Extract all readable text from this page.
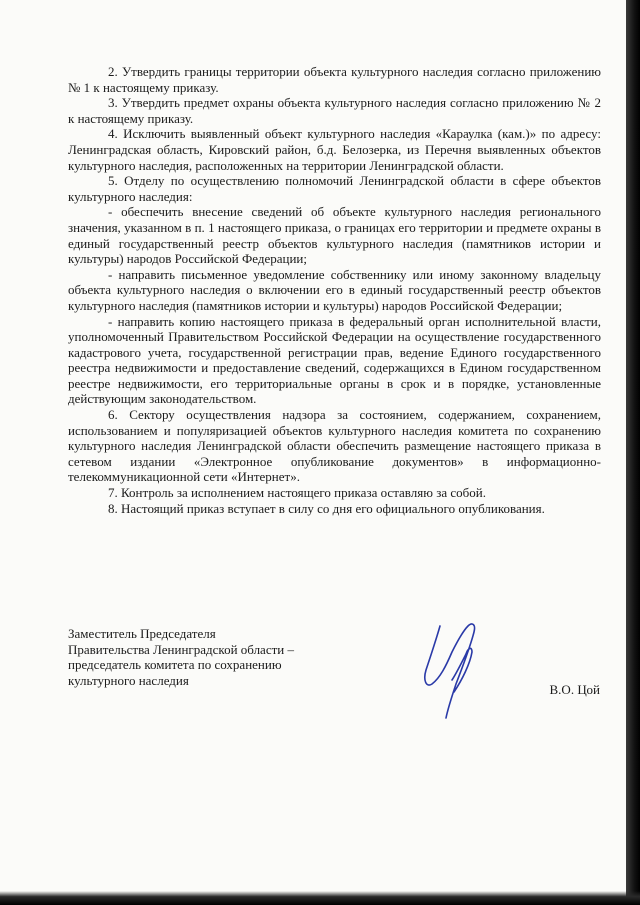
2. Утвердить границы территории объекта культурного наследия согласно приложению № 1 к настоящему приказу.

3. Утвердить предмет охраны объекта культурного наследия согласно приложению № 2 к настоящему приказу.

4. Исключить выявленный объект культурного наследия «Караулка (кам.)» по адресу: Ленинградская область, Кировский район, б.д. Белозерка, из Перечня выявленных объектов культурного наследия, расположенных на территории Ленинградской области.

5. Отделу по осуществлению полномочий Ленинградской области в сфере объектов культурного наследия:

- обеспечить внесение сведений об объекте культурного наследия регионального значения, указанном в п. 1 настоящего приказа, о границах его территории и предмете охраны в единый государственный реестр объектов культурного наследия (памятников истории и культуры) народов Российской Федерации;

- направить письменное уведомление собственнику или иному законному владельцу объекта культурного наследия о включении его в единый государственный реестр объектов культурного наследия (памятников истории и культуры) народов Российской Федерации;

- направить копию настоящего приказа в федеральный орган исполнительной власти, уполномоченный Правительством Российской Федерации на осуществление государственного кадастрового учета, государственной регистрации прав, ведение Единого государственного реестра недвижимости и предоставление сведений, содержащихся в Едином государственном реестре недвижимости, его территориальные органы в срок и в порядке, установленные действующим законодательством.

6. Сектору осуществления надзора за состоянием, содержанием, сохранением, использованием и популяризацией объектов культурного наследия комитета по сохранению культурного наследия Ленинградской области обеспечить размещение настоящего приказа в сетевом издании «Электронное опубликование документов» в информационно-телекоммуникационной сети «Интернет».

7. Контроль за исполнением настоящего приказа оставляю за собой.

8. Настоящий приказ вступает в силу со дня его официального опубликования.

Заместитель Председателя
Правительства Ленинградской области –
председатель комитета по сохранению
культурного наследия
В.О. Цой
